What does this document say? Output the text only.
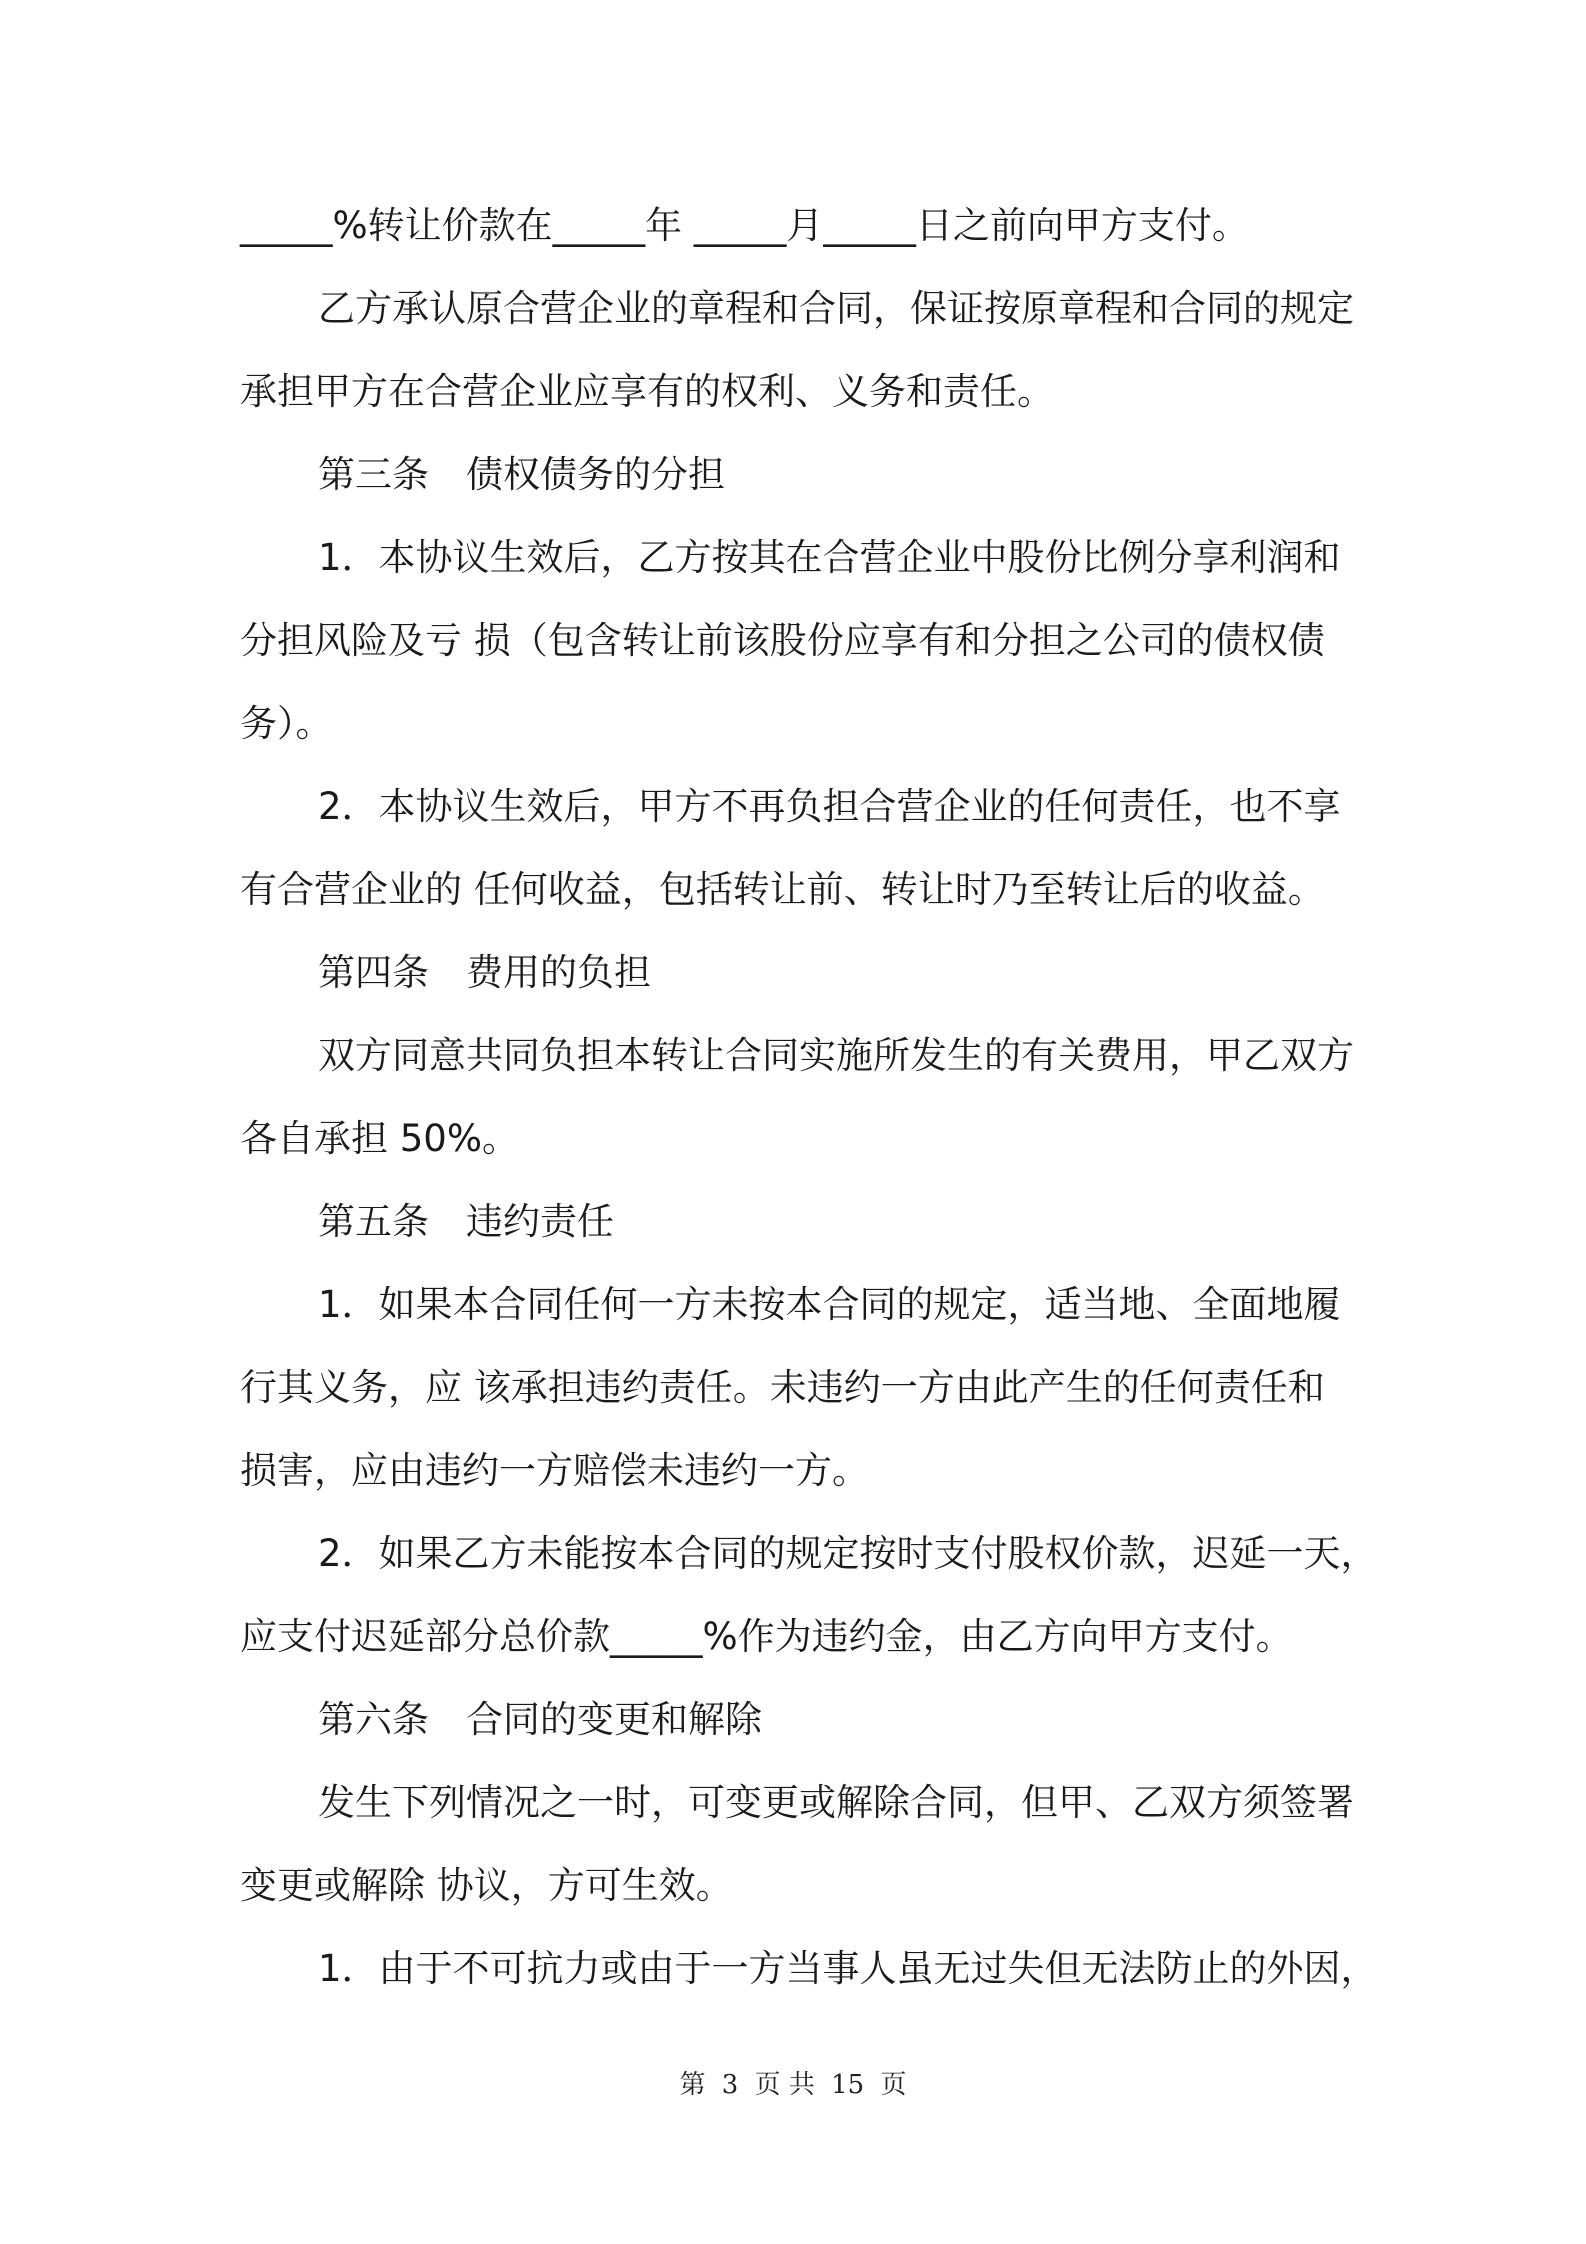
_____%转让价款在_____年 _____月_____日之前向甲方支付。
乙方承认原合营企业的章程和合同，保证按原章程和合同的规定
承担甲方在合营企业应享有的权利、义务和责任。
第三条　债权债务的分担
1．本协议生效后，乙方按其在合营企业中股份比例分享利润和
分担风险及亏 损（包含转让前该股份应享有和分担之公司的债权债
务）。
2．本协议生效后，甲方不再负担合营企业的任何责任，也不享
有合营企业的 任何收益，包括转让前、转让时乃至转让后的收益。
第四条　费用的负担
双方同意共同负担本转让合同实施所发生的有关费用，甲乙双方
各自承担 50%。
第五条　违约责任
1．如果本合同任何一方未按本合同的规定，适当地、全面地履
行其义务，应 该承担违约责任。未违约一方由此产生的任何责任和
损害，应由违约一方赔偿未违约一方。
2．如果乙方未能按本合同的规定按时支付股权价款，迟延一天，
应支付迟延部分总价款_____%作为违约金，由乙方向甲方支付。
第六条　合同的变更和解除
发生下列情况之一时，可变更或解除合同，但甲、乙双方须签署
变更或解除 协议，方可生效。
1．由于不可抗力或由于一方当事人虽无过失但无法防止的外因，
第 3 页 共 15 页
